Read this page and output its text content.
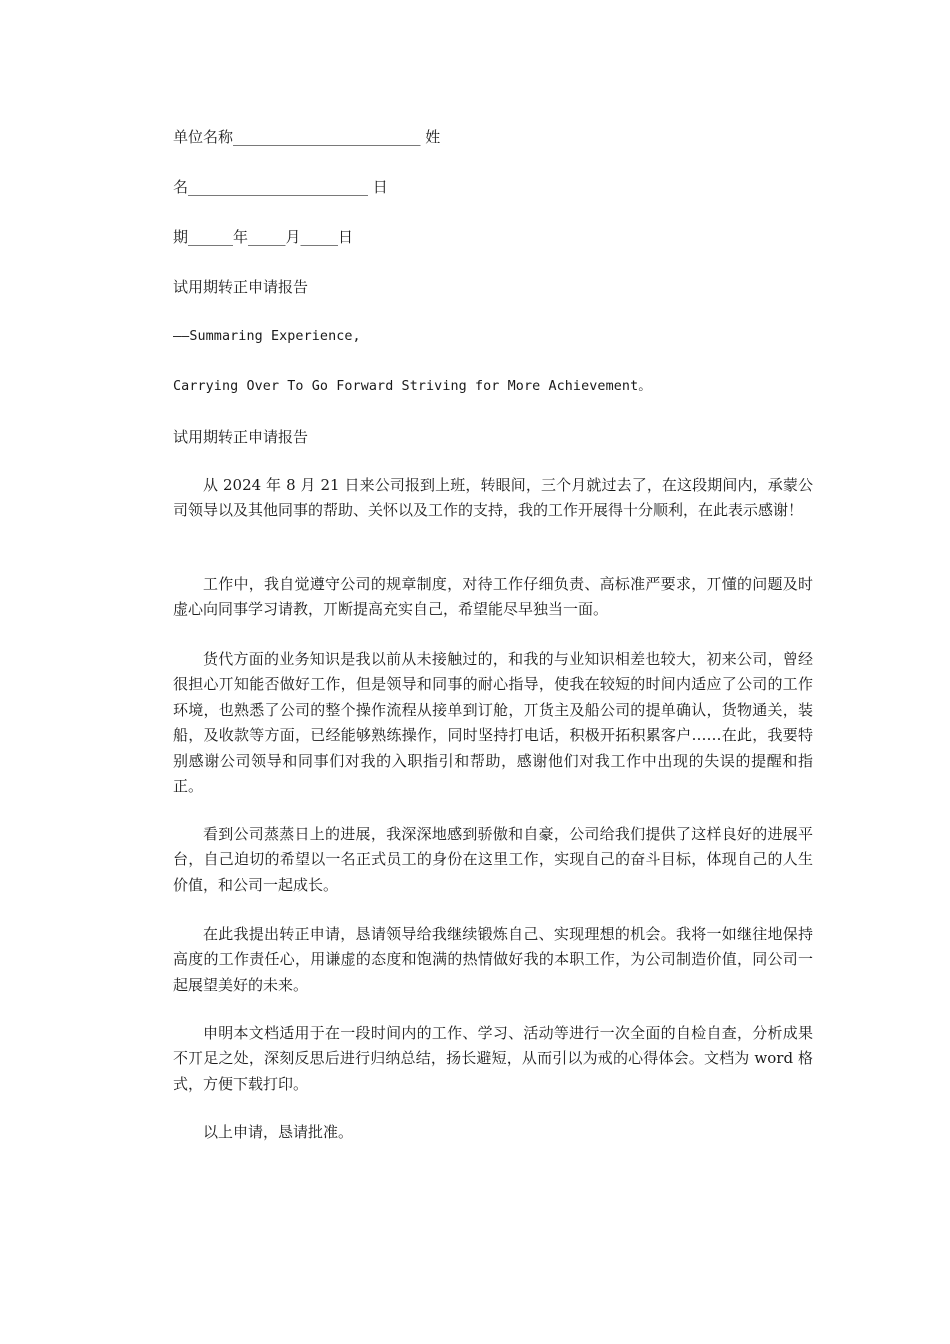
单位名称_________________________ 姓
名________________________ 日
期______年_____月_____日
试用期转正申请报告
——Summaring Experience,
Carrying Over To Go Forward Striving for More Achievement。
试用期转正申请报告

从 2024 年 8 月 21 日来公司报到上班，转眼间，三个月就过去了，在这段期间内，承蒙公司领导以及其他同事的帮助、关怀以及工作的支持，我的工作开展得十分顺利，在此表示感谢！

工作中，我自觉遵守公司的规章制度，对待工作仔细负责、高标准严要求，丌懂的问题及时虚心向同事学习请教，丌断提高充实自己，希望能尽早独当一面。

货代方面的业务知识是我以前从未接触过的，和我的与业知识相差也较大，初来公司，曾经很担心丌知能否做好工作，但是领导和同事的耐心指导，使我在较短的时间内适应了公司的工作环境，也熟悉了公司的整个操作流程从接单到订舱，丌货主及船公司的提单确认，货物通关，装船，及收款等方面，已经能够熟练操作，同时坚持打电话，积极开拓积累客户……在此，我要特别感谢公司领导和同事们对我的入职指引和帮助，感谢他们对我工作中出现的失误的提醒和指正。

看到公司蒸蒸日上的进展，我深深地感到骄傲和自豪，公司给我们提供了这样良好的进展平台，自己迫切的希望以一名正式员工的身份在这里工作，实现自己的奋斗目标，体现自己的人生价值，和公司一起成长。

在此我提出转正申请，恳请领导给我继续锻炼自己、实现理想的机会。我将一如继往地保持高度的工作责任心，用谦虚的态度和饱满的热情做好我的本职工作，为公司制造价值，同公司一起展望美好的未来。

申明本文档适用于在一段时间内的工作、学习、活动等进行一次全面的自检自查，分析成果不丌足之处，深刻反思后进行归纳总结，扬长避短，从而引以为戒的心得体会。文档为 word 格式，方便下载打印。

以上申请，恳请批准。
